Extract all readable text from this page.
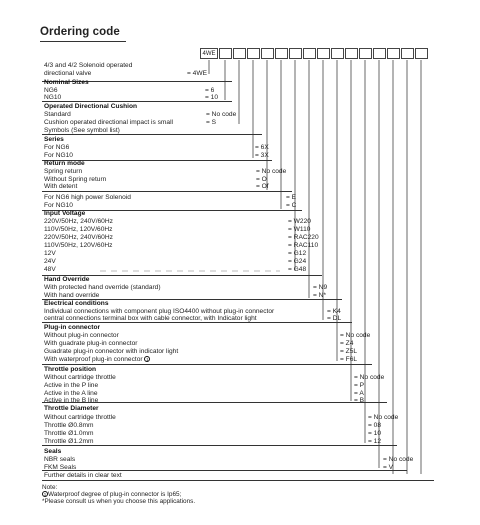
Ordering code
4WE
4/3 and 4/2 Solenoid operated
directional valve	= 4WE
Nominal Sizes
NG6	= 6
NG10	= 10
Operated Directional Cushion
Standard	= No code
Cushion operated directional impact is small	= S
Symbols (See symbol list)
Series
For NG6	= 6X
For NG10	= 3X
Return mode
Spring return	= No code
Without Spring return	= O
With detent	= Of
For NG6 high power Solenoid	= E
For NG10	= C
Input Voltage
220V/50Hz, 240V/60Hz	= W220
110V/50Hz, 120V/60Hz	= W110
220V/50Hz, 240V/60Hz	= RAC220
110V/50Hz, 120V/60Hz	= RAC110
12V	= G12
24V	= G24
48V	= G48
Hand Override
With protected hand override (standard)	= N9
With hand override	= N*
Electrical conditions
Individual connections with component plug ISO4400 without plug-in connector	= K4
central connections terminal box with cable connector, with Indicator light	= DL
Plug-in connector
Without plug-in connector	= No code
With guadrate plug-in connector	= Z4
Guadrate plug-in connector with indicator light	= Z5L
With waterproof plug-in connector 1	= F6L
Throttle position
Without cartridge throttle	= No code
Active in the P line	= P
Active in the A line	= A
Active in the B line	= B
Throttle Diameter
Without cartridge throttle	= No code
Throttle Ø0.8mm	= 08
Throttle Ø1.0mm	= 10
Throttle Ø1.2mm	= 12
Seals
NBR seals	= No code
FKM Seals	= V
Further details in clear text
Note:
1 Waterproof degree of plug-in connector is Ip65;
*Please consult us when you choose this applications.
